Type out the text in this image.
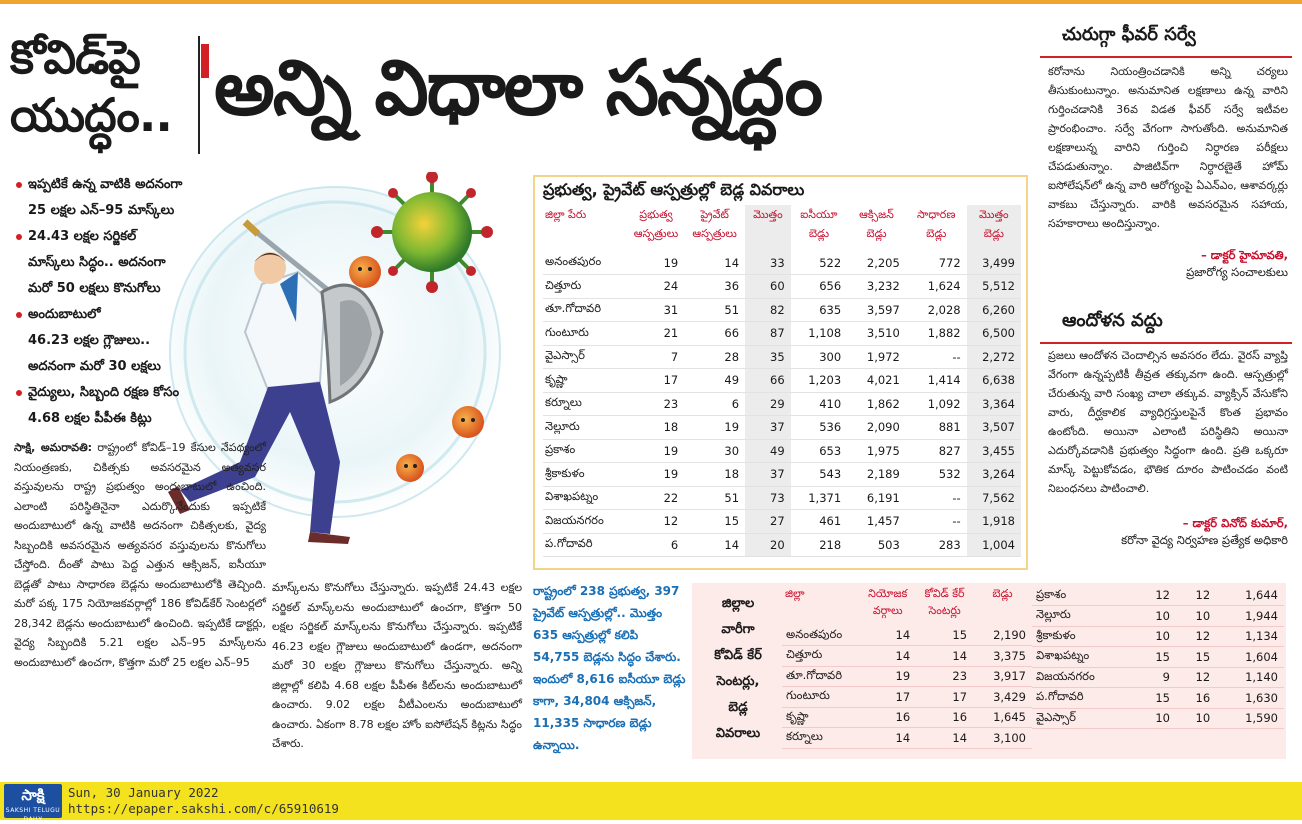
కోవిడ్‌పై
యుద్ధం.. అన్ని విధాలా సన్నద్ధం
ఇప్పటికే ఉన్న వాటికి అదనంగా
25 లక్షల ఎన్‌–95 మాస్క్‌లు
24.43 లక్షల సర్జికల్‌
మాస్క్‌లు సిద్ధం.. అదనంగా
మరో 50 లక్షలు కొనుగోలు
అందుబాటులో
46.23 లక్షల గ్లౌజులు..
అదనంగా మరో 30 లక్షలు
వైద్యులు, సిబ్బంది రక్షణ కోసం
4.68 లక్షల పీపీఈ కిట్లు
సాక్షి, అమరావతి: రాష్ట్రంలో కోవిడ్‌–19 కేసుల నేపథ్యంలో నియంత్రణకు, చికిత్సకు అవసరమైన అత్యవసర వస్తువులను రాష్ట్ర ప్రభుత్వం అందుబాటులో ఉంచింది. ఎలాంటి పరిస్థితినైనా ఎదుర్కొనేందుకు ఇప్పటికే అందుబాటులో ఉన్న వాటికి అదనంగా చికిత్సలకు, వైద్య సిబ్బందికి అవసరమైన అత్యవసర వస్తువులను కొనుగోలు చేస్తోంది. దీంతో పాటు పెద్ద ఎత్తున ఆక్సిజన్‌, ఐసీయూ బెడ్లతో పాటు సాధారణ బెడ్లను అందుబాటులోకి తెచ్చింది. మరో పక్క 175 నియోజకవర్గాల్లో 186 కోవిడ్‌కేర్‌ సెంటర్లలో 28,342 బెడ్లను అందుబాటులో ఉంచింది. ఇప్పటికే డాక్టర్లు, వైద్య సిబ్బందికి 5.21 లక్షల ఎన్‌–95 మాస్క్‌లను అందుబాటులో ఉంచగా, కొత్తగా మరో 25 లక్షల ఎన్‌–95
మాస్క్‌లను కొనుగోలు చేస్తున్నారు. ఇప్పటికే 24.43 లక్షల సర్జికల్‌ మాస్క్‌లను అందుబాటులో ఉంచగా, కొత్తగా 50 లక్షల సర్జికల్‌ మాస్క్‌లను కొనుగోలు చేస్తున్నారు. ఇప్పటికే 46.23 లక్షల గ్లౌజులు అందుబాటులో ఉండగా, అదనంగా మరో 30 లక్షల గ్లౌజులు కొనుగోలు చేస్తున్నారు. అన్ని జిల్లాల్లో కలిపి 4.68 లక్షల పీపీఈ కిట్‌లను అందుబాటులో ఉంచారు. 9.02 లక్షల వీటీఎంలను అందుబాటులో ఉంచారు. ఏకంగా 8.78 లక్షల హోం ఐసోలేషన్‌ కిట్లను సిద్ధం చేశారు.
ప్రభుత్వ, ప్రైవేట్‌ ఆస్పత్రుల్లో బెడ్ల వివరాలు
జిల్లా పేరు	ప్రభుత్వ ఆస్పత్రులు	ప్రైవేట్‌ ఆస్పత్రులు	మొత్తం	ఐసీయూ బెడ్లు	ఆక్సిజన్‌ బెడ్లు	సాధారణ బెడ్లు	మొత్తం బెడ్లు
అనంతపురం	19	14	33	522	2,205	772	3,499
చిత్తూరు	24	36	60	656	3,232	1,624	5,512
తూ.గోదావరి	31	51	82	635	3,597	2,028	6,260
గుంటూరు	21	66	87	1,108	3,510	1,882	6,500
వైఎస్సార్‌	7	28	35	300	1,972	--	2,272
కృష్ణా	17	49	66	1,203	4,021	1,414	6,638
కర్నూలు	23	6	29	410	1,862	1,092	3,364
నెల్లూరు	18	19	37	536	2,090	881	3,507
ప్రకాశం	19	30	49	653	1,975	827	3,455
శ్రీకాకుళం	19	18	37	543	2,189	532	3,264
విశాఖపట్నం	22	51	73	1,371	6,191	--	7,562
విజయనగరం	12	15	27	461	1,457	--	1,918
ప.గోదావరి	6	14	20	218	503	283	1,004
రాష్ట్రంలో 238 ప్రభుత్వ, 397 ప్రైవేట్‌ ఆస్పత్రుల్లో.. మొత్తం 635 ఆస్పత్రుల్లో కలిపి 54,755 బెడ్లను సిద్ధం చేశారు. ఇందులో 8,616 ఐసీయూ బెడ్లు కాగా, 34,804 ఆక్సిజన్‌, 11,335 సాధారణ బెడ్లు ఉన్నాయి.
జిల్లాల
వారీగా
కోవిడ్‌ కేర్‌
సెంటర్లు,
బెడ్ల
వివరాలు
జిల్లా	నియోజక వర్గాలు	కోవిడ్‌ కేర్‌ సెంటర్లు	బెడ్లు
అనంతపురం	14	15	2,190
చిత్తూరు	14	14	3,375
తూ.గోదావరి	19	23	3,917
గుంటూరు	17	17	3,429
కృష్ణా	16	16	1,645
కర్నూలు	14	14	3,100
ప్రకాశం	12	12	1,644
నెల్లూరు	10	10	1,944
శ్రీకాకుళం	10	12	1,134
విశాఖపట్నం	15	15	1,604
విజయనగరం	9	12	1,140
ప.గోదావరి	15	16	1,630
వైఎస్సార్‌	10	10	1,590
చురుగ్గా ఫీవర్‌ సర్వే
కరోనాను నియంత్రించడానికి అన్ని చర్యలు తీసుకుంటున్నాం. అనుమానిత లక్షణాలు ఉన్న వారిని గుర్తించడానికి 36వ విడత ఫీవర్‌ సర్వే ఇటీవల ప్రారంభించాం. సర్వే వేగంగా సాగుతోంది. అనుమానిత లక్షణాలున్న వారిని గుర్తించి నిర్ధారణ పరీక్షలు చేపడుతున్నాం. పాజిటివ్‌గా నిర్ధారణైతే హోమ్‌ ఐసోలేషన్‌లో ఉన్న వారి ఆరోగ్యంపై ఏఎన్‌ఎం, ఆశావర్కర్లు వాకబు చేస్తున్నారు. వారికి అవసరమైన సహాయ, సహకారాలు అందిస్తున్నాం.
– డాక్టర్‌ హైమావతి,
ప్రజారోగ్య సంచాలకులు
ఆందోళన వద్దు
ప్రజలు ఆందోళన చెందాల్సిన అవసరం లేదు. వైరస్‌ వ్యాప్తి వేగంగా ఉన్నప్పటికీ తీవ్రత తక్కువగా ఉంది. ఆస్పత్రుల్లో చేరుతున్న వారి సంఖ్య చాలా తక్కువ. వ్యాక్సిన్‌ వేసుకోని వారు, దీర్ఘకాలిక వ్యాధిగ్రస్తులపైనే కొంత ప్రభావం ఉంటోంది. అయినా ఎలాంటి పరిస్థితిని అయినా ఎదుర్కోవడానికి ప్రభుత్వం సిద్ధంగా ఉంది. ప్రతి ఒక్కరూ మాస్క్‌ పెట్టుకోవడం, భౌతిక దూరం పాటించడం వంటి నిబంధనలు పాటించాలి.
– డాక్టర్‌ వినోద్‌ కుమార్‌,
కరోనా వైద్య నిర్వహణ ప్రత్యేక అధికారి
సాక్షి
SAKSHI TELUGU DAILY
Sun, 30 January 2022
https://epaper.sakshi.com/c/65910619
